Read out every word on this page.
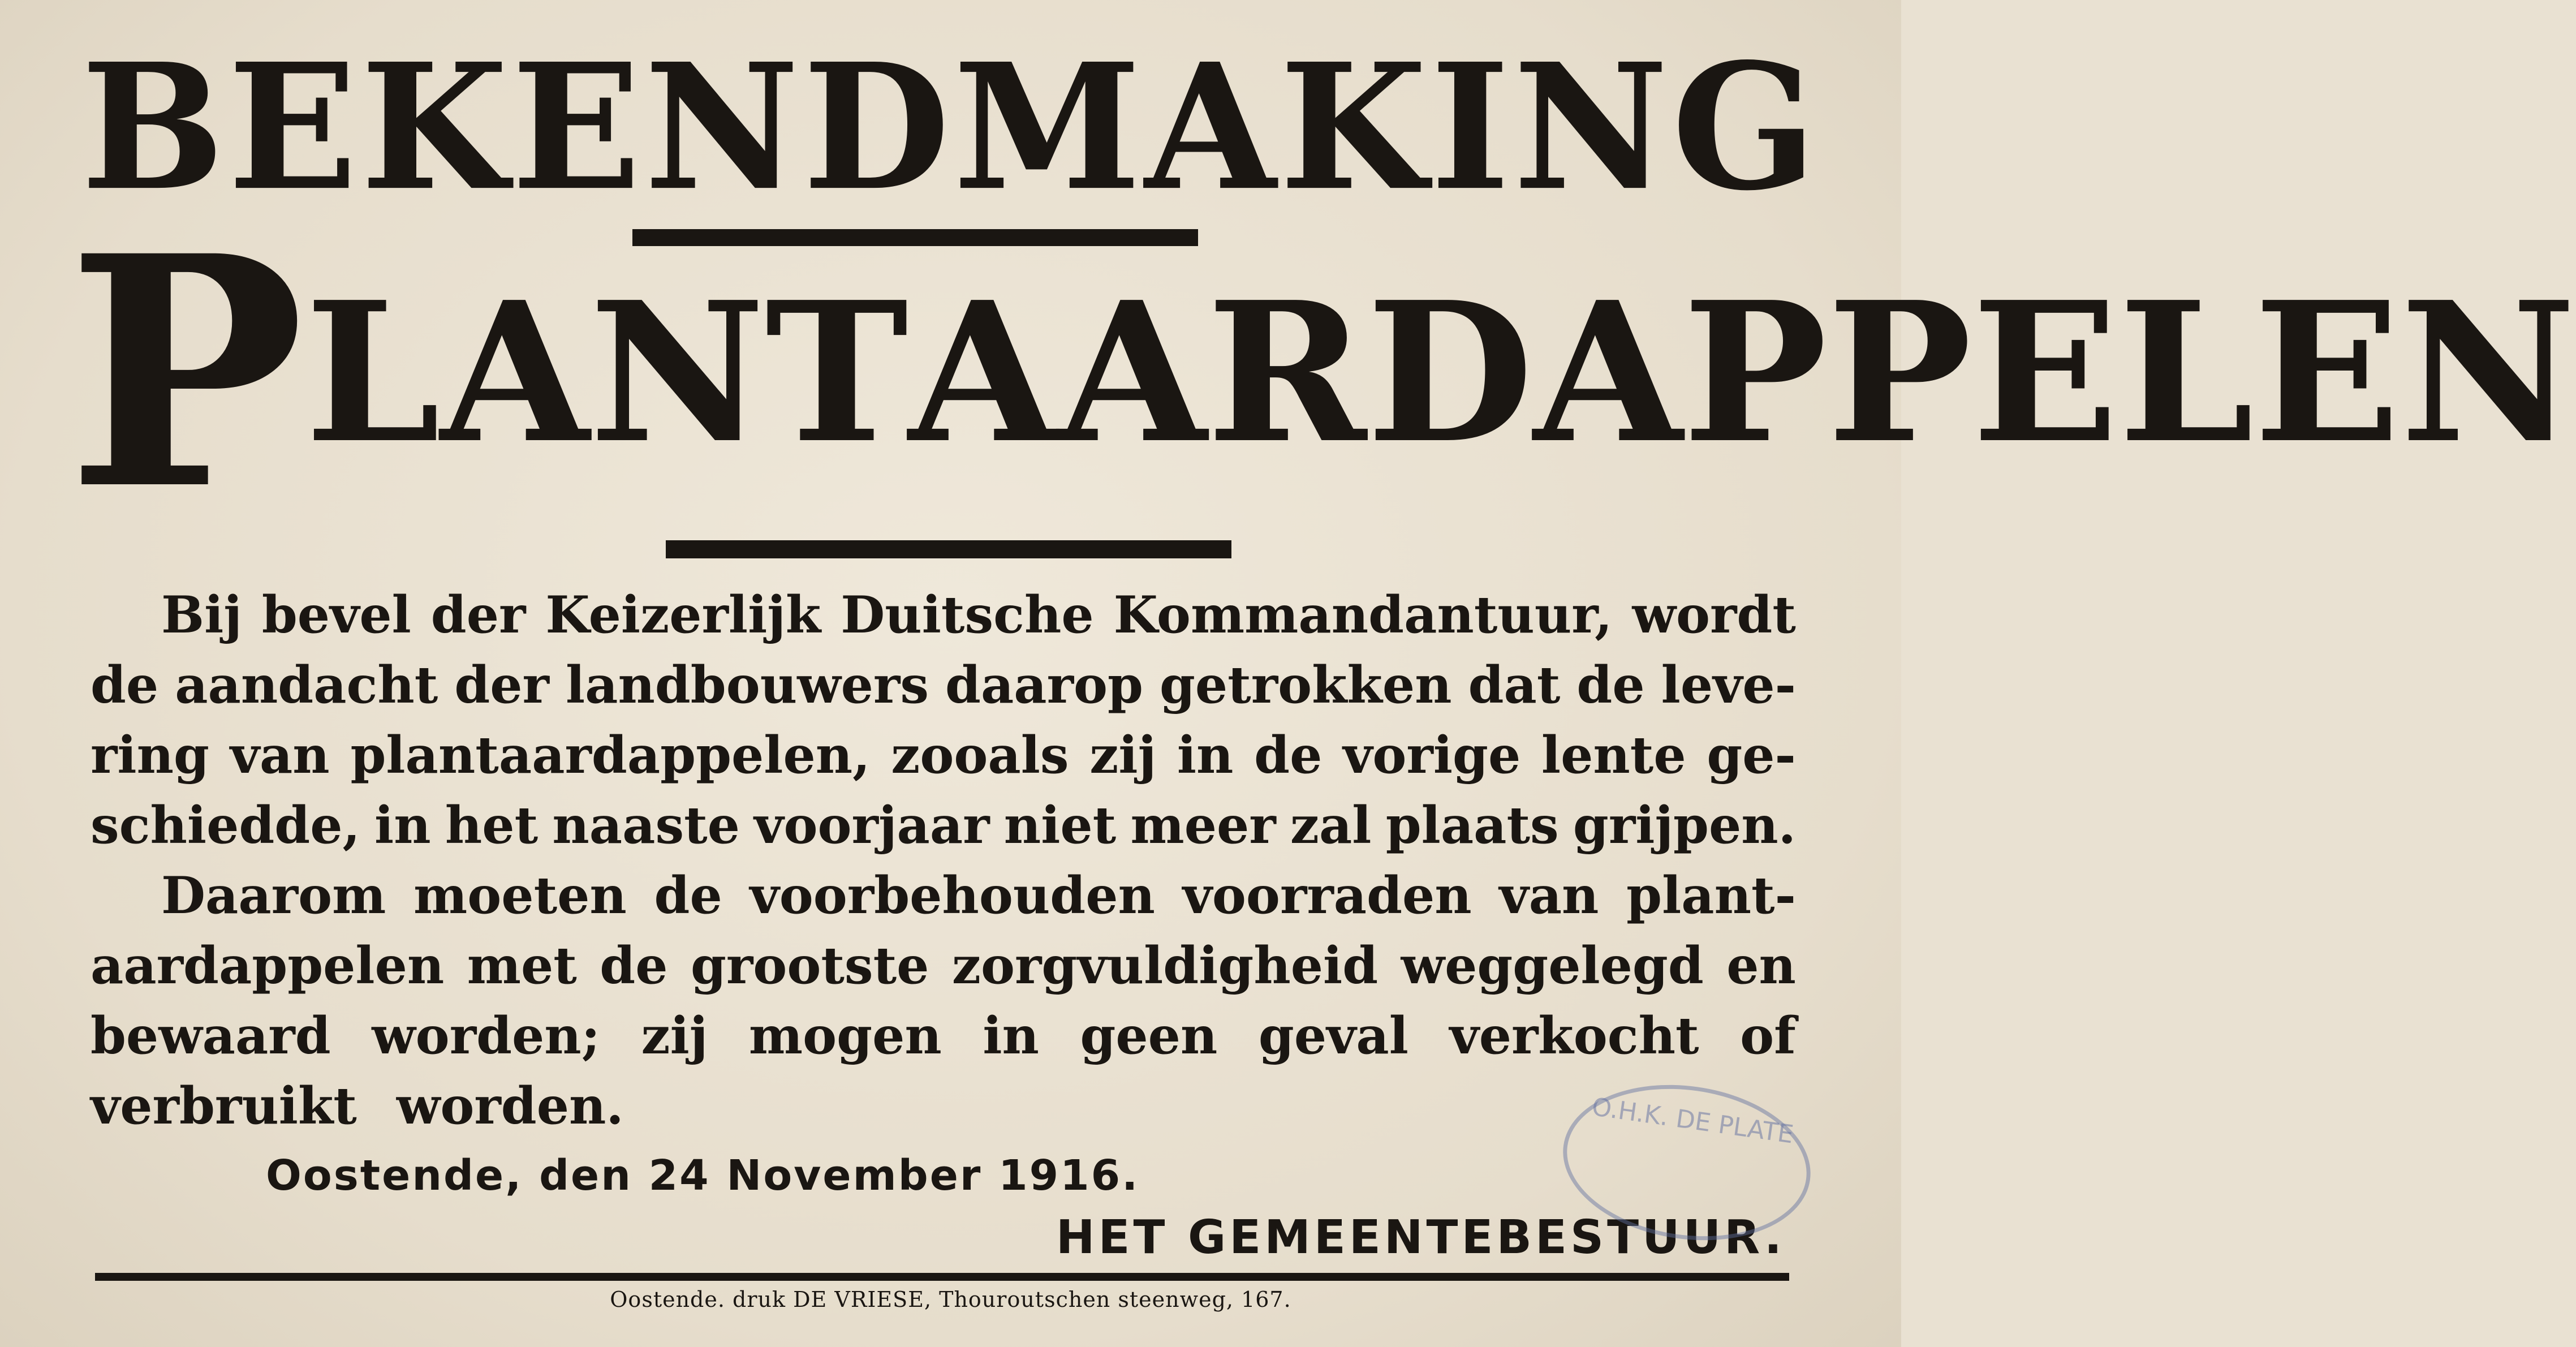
BEKENDMAKING
P L A N T A A R D A P P E L E N
Bij bevel der Keizerlijk Duitsche Kommandantuur, wordt
de aandacht der landbouwers daarop getrokken dat de leve-
ring van plantaardappelen, zooals zij in de vorige lente ge-
schiedde, in het naaste voorjaar niet meer zal plaats grijpen.
Daarom moeten de voorbehouden voorraden van plant-
aardappelen met de grootste zorgvuldigheid weggelegd en
bewaard worden; zij mogen in geen geval verkocht of
verbruikt worden.
Oostende, den 24 November 1916.
HET GEMEENTEBESTUUR.
O.H.K. DE PLATE
Oostende. druk DE VRIESE, Thouroutschen steenweg, 167.
